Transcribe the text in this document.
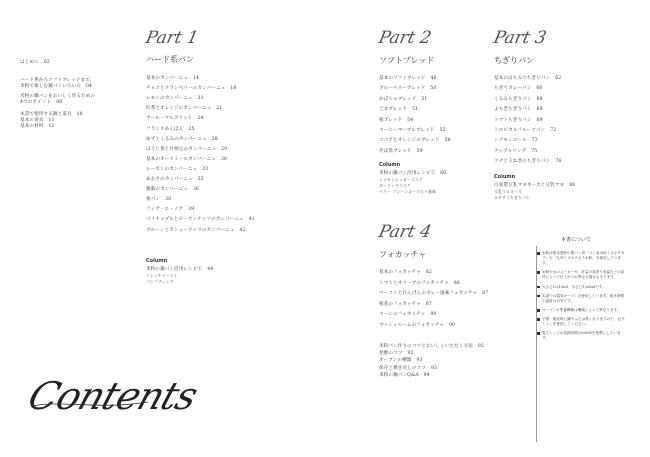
はじめに 02
ハード系からソフトブレッドまで。
米粉で楽しむ鍋パンいろいろ 04
米粉の鍋パンをおいしく作るための
4つのポイント 08
本書で使用する鍋と道具 10
基本の道具 11
基本の材料 12
Part 1
ハード系パン
基本のカンパーニュ 14
チョコとクランベリーのカンパーニュ 18
レモンのカンパーニュ 21
紅茶とオレンジのカンパーニュ 21
ブール・マルグリット 24
フランスあんぱん 25
ゆずとくるみのカンパーニュ 28
ほうじ茶と甘納豆のカンパーニュ 29
基本のオートミールカンパーニュ 30
レーズンのカンパーニュ 33
あおさのカンパーニュ 33
雑穀のカンパーニュ 36
栗パン 38
フィグ・エ・ノア 39
パイナップルとピーカンナッツのカンパーニュ 41
プルーンとカシューナッツのカンパーニュ 42
Column
米粉の鍋パン活用レシピ① 44
フレンチトースト
パンプディング
Part 2
ソフトブレッド
基本のソフトブレッド 46
ブルーベリーブレッド 50
かぼちゃブレッド 51
ごまブレッド 51
桜ブレッド 54
コーヒーマーブルブレッド 55
ココアとオレンジのブレッド 58
そば茶ブレッド 59
Column
米粉の鍋パン活用レシピ② 60
シナモンシュガーラスク
ガーリックラスク
ベリー プレーンヨーグルト風味
Part 3
ちぎりパン
基本のはちみつちぎりパン 62
ちぎりカレーパン 66
くるみちぎりパン 68
よもぎちぎりパン 69
トマトちぎりパン 69
トロピカルフルーツパン 72
シナモンロール 73
アップルリング 75
ツナと玉ねぎのちぎりパン 76
Column
白家製豆乳マヨネーズと豆乳マヨ 80
豆乳マヨネーズ
ポテサラちぎりパン
Part 4
フォカッチャ
基本のフォカッチャ 82
トマトとオリーブのフォカッチャ 86
ベーコンとれんげんのカレー風味フォカッチャ 87
桜花のフォカッチャ 87
コーンのフォカッチャ 90
マッシュルームのフォカッチャ 90
米粉パン作りのコツとおいしくいただく方法 92
発酵のコツ 92
オーブンの種類 93
保存と焼き戻しのコツ 93
米粉の鍋パンQ&A 94
本書について
米粉は熊本製粉の製パン用「パン用米粉ミズホチカラ」や「九州ミズホチカラ米粉」を使用しています。
米粉や水のメーカーや、計量の誤差や室温などの条件によって仕上がりが異なる場合もあります。
大さじ1は15ml、小さじ1は5mlです。
本書では電気オーブンを使用しています。焼き時間や温度は目安です。
オーブンの型番機種は機械によって異なります。
予熱・焼成時に鍋やふたは熱くなりますので、必ずミトンを使用してください。
電子レンジの加熱時間は600Wを基準にしています。
Contents
